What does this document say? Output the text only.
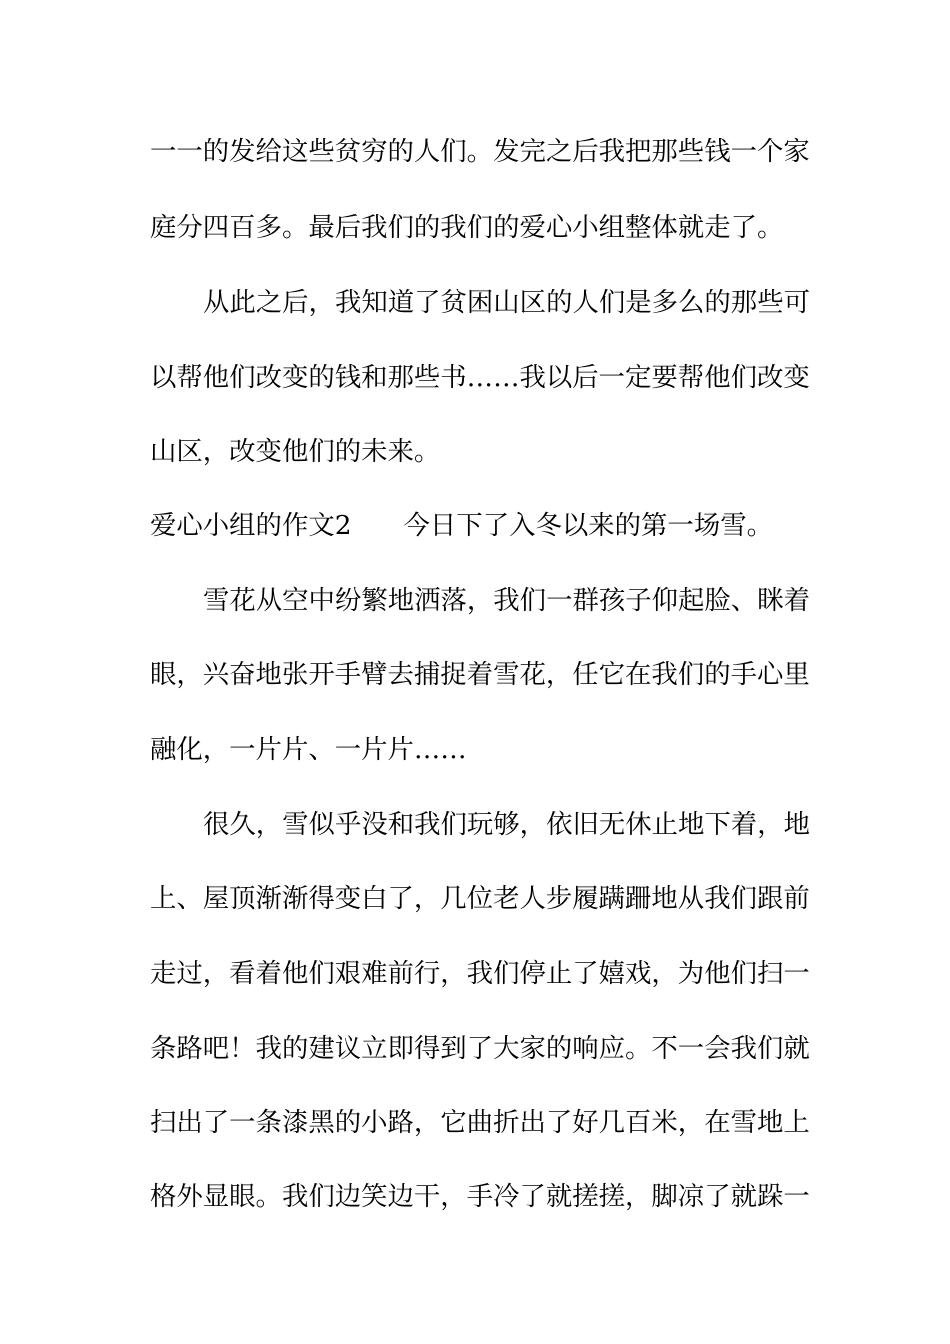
一一的发给这些贫穷的人们。发完之后我把那些钱一个家
庭分四百多。最后我们的我们的爱心小组整体就走了。
从此之后，我知道了贫困山区的人们是多么的那些可
以帮他们改变的钱和那些书……我以后一定要帮他们改变
山区，改变他们的未来。
爱心小组的作文2 今日下了入冬以来的第一场雪。
雪花从空中纷繁地洒落，我们一群孩子仰起脸、眯着
眼，兴奋地张开手臂去捕捉着雪花，任它在我们的手心里
融化，一片片、一片片……
很久，雪似乎没和我们玩够，依旧无休止地下着，地
上、屋顶渐渐得变白了，几位老人步履蹒跚地从我们跟前
走过，看着他们艰难前行，我们停止了嬉戏，为他们扫一
条路吧！我的建议立即得到了大家的响应。不一会我们就
扫出了一条漆黑的小路，它曲折出了好几百米，在雪地上
格外显眼。我们边笑边干，手冷了就搓搓，脚凉了就跺一
